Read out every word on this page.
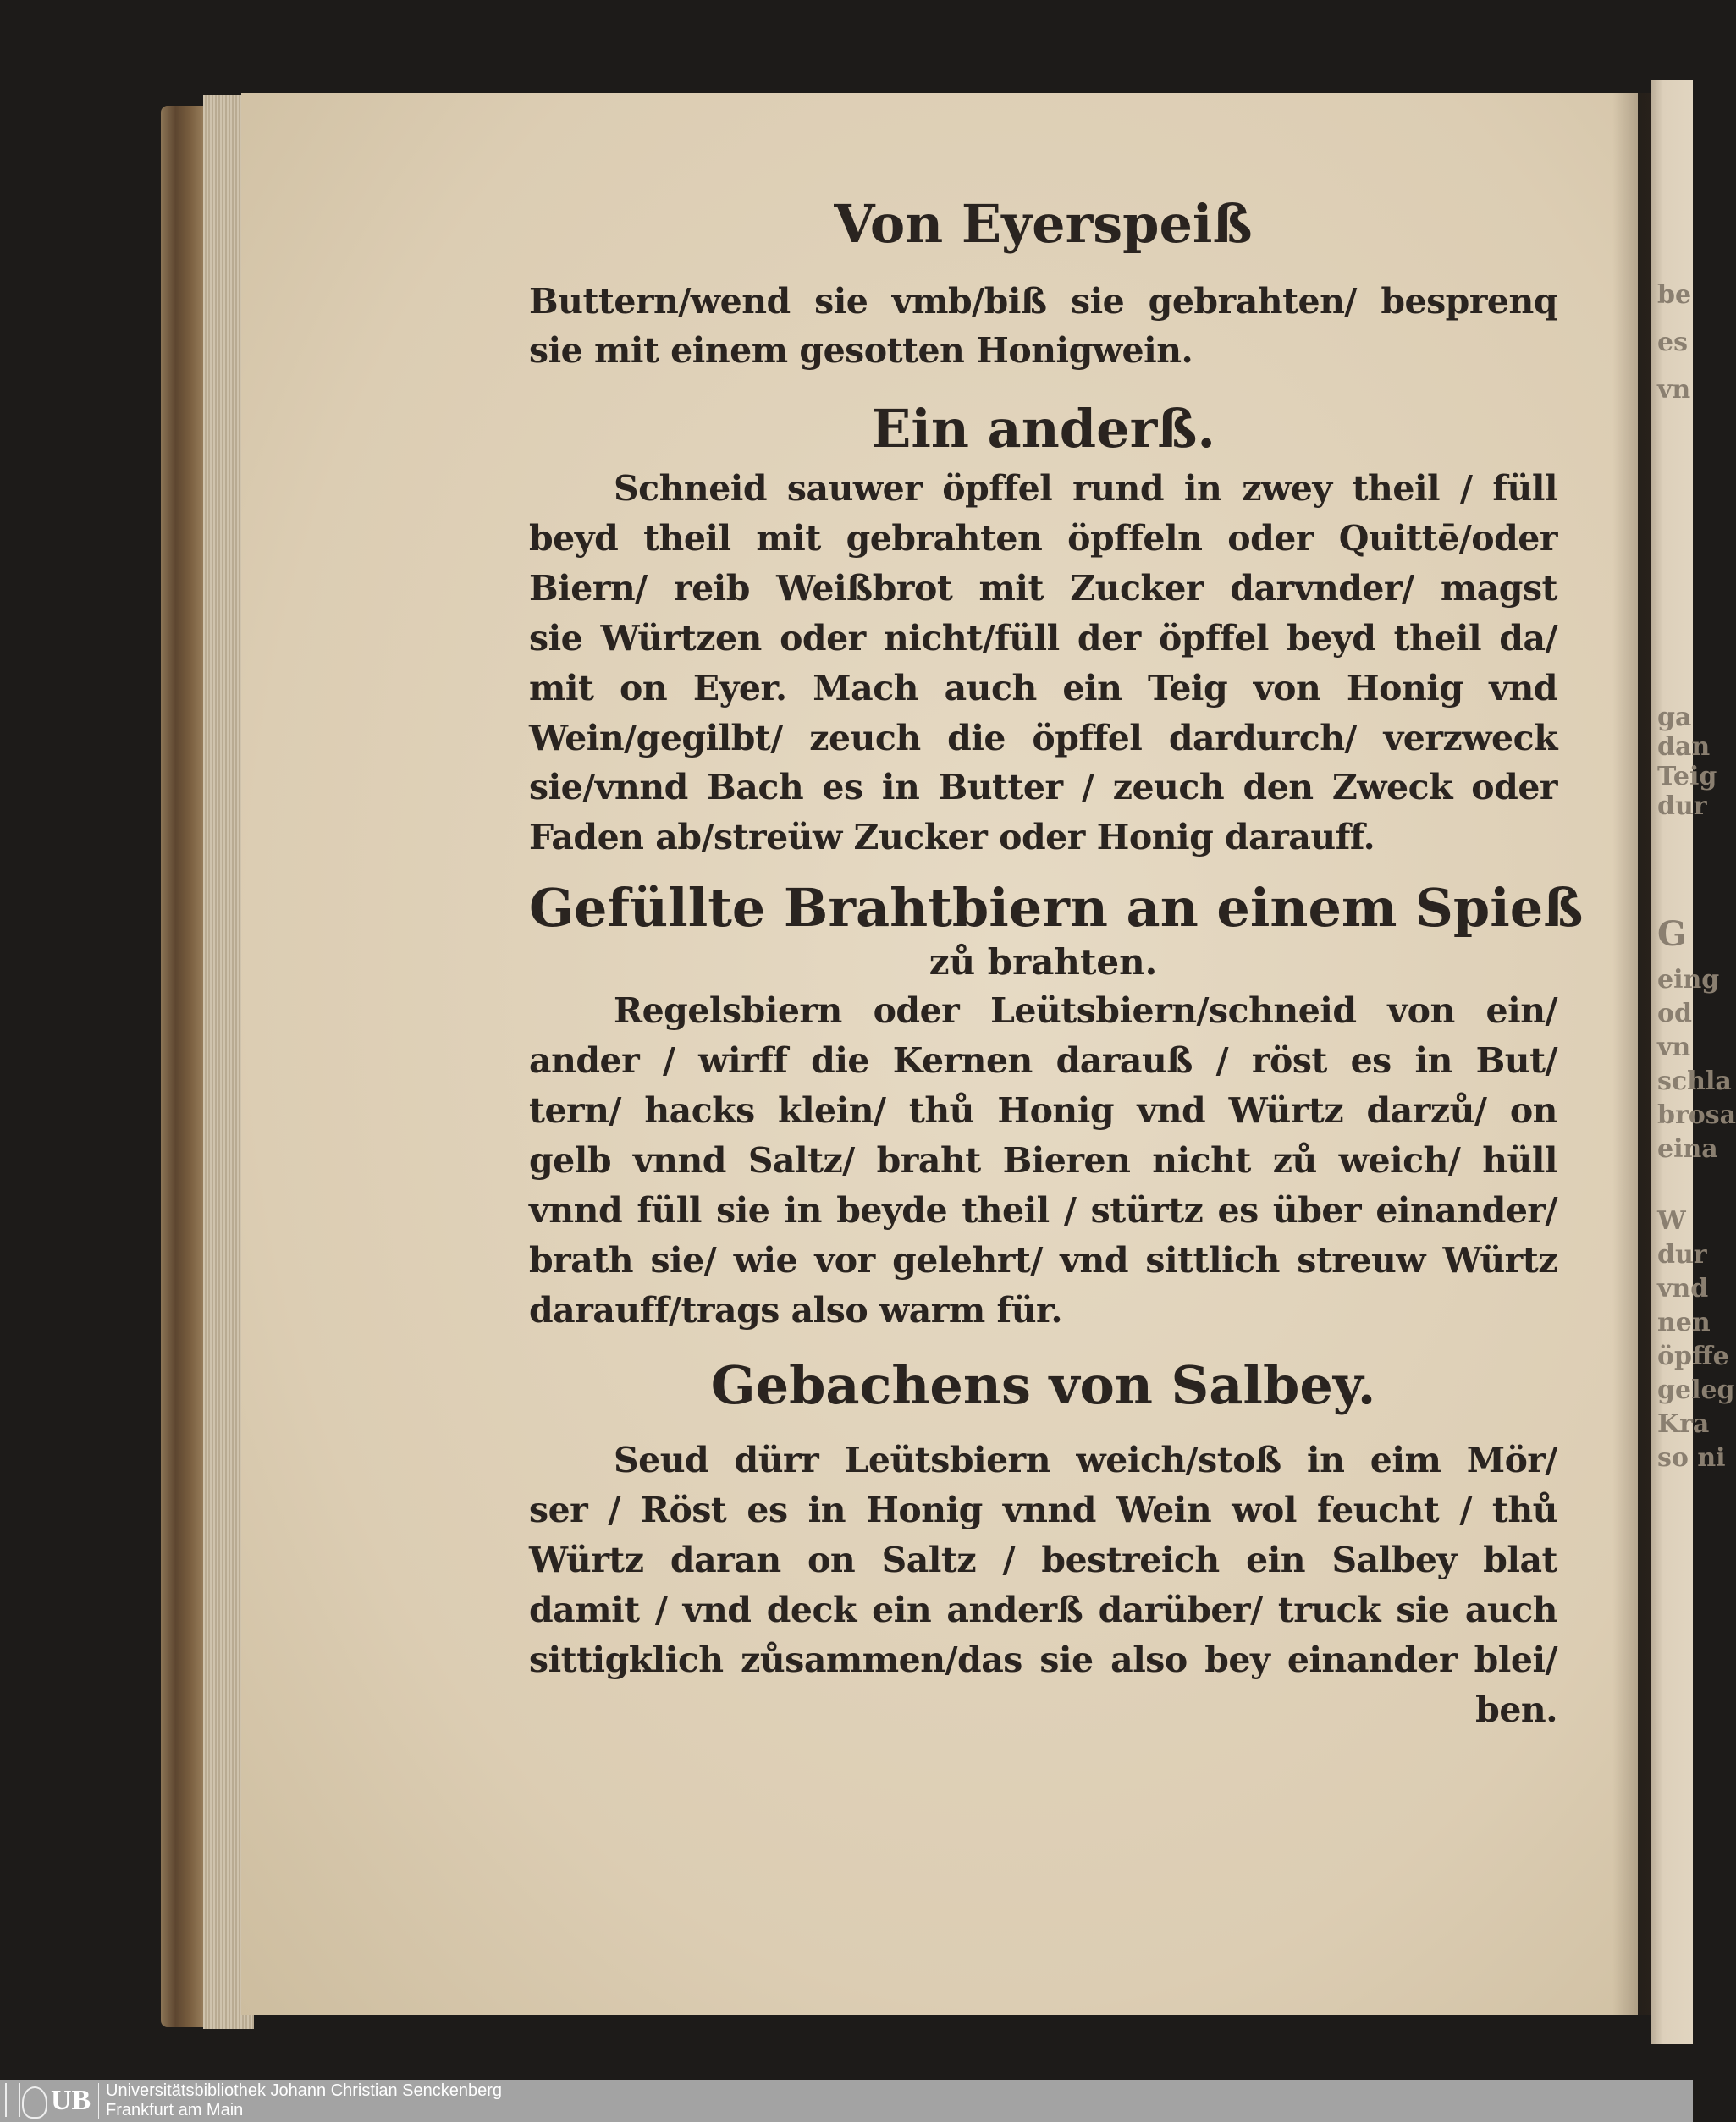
be
es
vn
ga
dan
Teig
dur
G
eing
od
vn
schla
brosa
eina
W
dur
vnd
nen
öpffe
geleg
Kra
so ni
Von Eyerspeiß
Buttern/wend sie vmb/biß sie gebrahten/ besprenq
sie mit einem gesotten Honigwein.
Ein anderß.
Schneid sauwer öpffel rund in zwey theil / füll
beyd theil mit gebrahten öpffeln oder Quittē/oder
Biern/ reib Weißbrot mit Zucker darvnder/ magst
sie Würtzen oder nicht/füll der öpffel beyd theil da/
mit on Eyer. Mach auch ein Teig von Honig vnd
Wein/gegilbt/ zeuch die öpffel dardurch/ verzweck
sie/vnnd Bach es in Butter / zeuch den Zweck oder
Faden ab/streüw Zucker oder Honig darauff.
Gefüllte Brahtbiern an einem Spieß
zů brahten.
Regelsbiern oder Leütsbiern/schneid von ein/
ander / wirff die Kernen darauß / röst es in But/
tern/ hacks klein/ thů Honig vnd Würtz darzů/ on
gelb vnnd Saltz/ braht Bieren nicht zů weich/ hüll
vnnd füll sie in beyde theil / stürtz es über einander/
brath sie/ wie vor gelehrt/ vnd sittlich streuw Würtz
darauff/trags also warm für.
Gebachens von Salbey.
Seud dürr Leütsbiern weich/stoß in eim Mör/
ser / Röst es in Honig vnnd Wein wol feucht / thů
Würtz daran on Saltz / bestreich ein Salbey blat
damit / vnd deck ein anderß darüber/ truck sie auch
sittigklich zůsammen/das sie also bey einander blei/
ben.
UB Universitätsbibliothek Johann Christian Senckenberg
Frankfurt am Main
